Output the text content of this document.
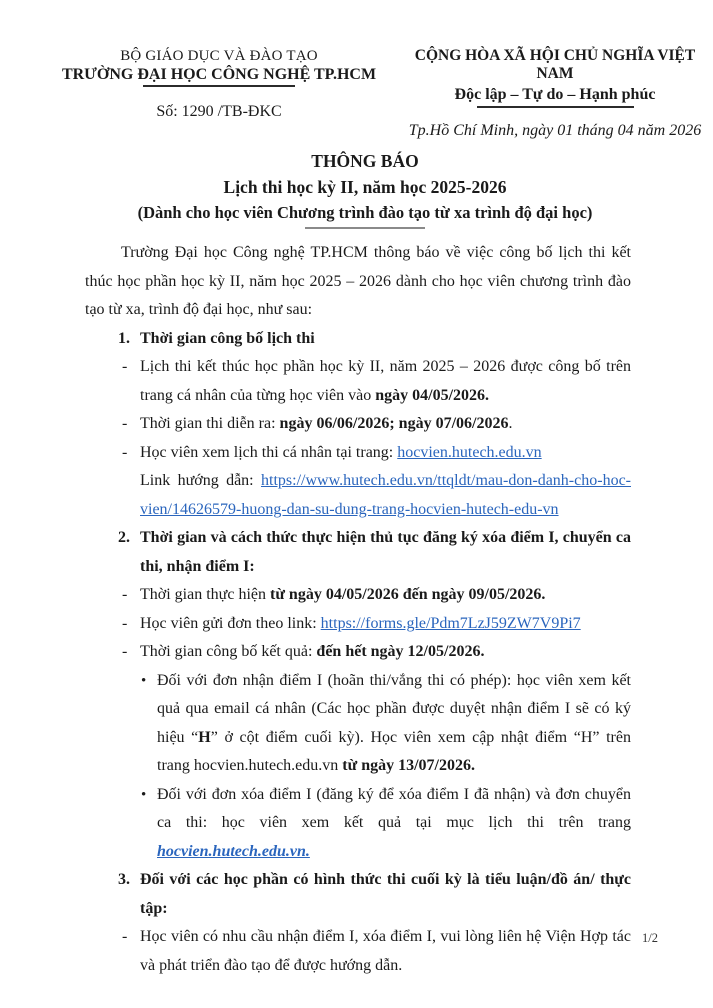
BỘ GIÁO DỤC VÀ ĐÀO TẠO
TRƯỜNG ĐẠI HỌC CÔNG NGHỆ TP.HCM
Số: 1290 /TB-ĐKC
CỘNG HÒA XÃ HỘI CHỦ NGHĨA VIỆT NAM
Độc lập – Tự do – Hạnh phúc
Tp.Hồ Chí Minh, ngày 01 tháng 04 năm 2026
THÔNG BÁO
Lịch thi học kỳ II, năm học 2025-2026
(Dành cho học viên Chương trình đào tạo từ xa trình độ đại học)
Trường Đại học Công nghệ TP.HCM thông báo về việc công bố lịch thi kết thúc học phần học kỳ II, năm học 2025 – 2026 dành cho học viên chương trình đào tạo từ xa, trình độ đại học, như sau:
1. Thời gian công bố lịch thi
- Lịch thi kết thúc học phần học kỳ II, năm 2025 – 2026 được công bố trên trang cá nhân của từng học viên vào ngày 04/05/2026.
- Thời gian thi diễn ra: ngày 06/06/2026; ngày 07/06/2026.
- Học viên xem lịch thi cá nhân tại trang: hocvien.hutech.edu.vn
Link hướng dẫn: https://www.hutech.edu.vn/ttqldt/mau-don-danh-cho-hoc-vien/14626579-huong-dan-su-dung-trang-hocvien-hutech-edu-vn
2. Thời gian và cách thức thực hiện thủ tục đăng ký xóa điểm I, chuyển ca thi, nhận điểm I:
- Thời gian thực hiện từ ngày 04/05/2026 đến ngày 09/05/2026.
- Học viên gửi đơn theo link: https://forms.gle/Pdm7LzJ59ZW7V9Pi7
- Thời gian công bố kết quả: đến hết ngày 12/05/2026.
• Đối với đơn nhận điểm I (hoãn thi/vắng thi có phép): học viên xem kết quả qua email cá nhân (Các học phần được duyệt nhận điểm I sẽ có ký hiệu “H” ở cột điểm cuối kỳ). Học viên xem cập nhật điểm “H” trên trang hocvien.hutech.edu.vn từ ngày 13/07/2026.
• Đối với đơn xóa điểm I (đăng ký để xóa điểm I đã nhận) và đơn chuyển ca thi: học viên xem kết quả tại mục lịch thi trên trang hocvien.hutech.edu.vn.
3. Đối với các học phần có hình thức thi cuối kỳ là tiểu luận/đồ án/ thực tập:
- Học viên có nhu cầu nhận điểm I, xóa điểm I, vui lòng liên hệ Viện Hợp tác và phát triển đào tạo để được hướng dẫn.
1/2
